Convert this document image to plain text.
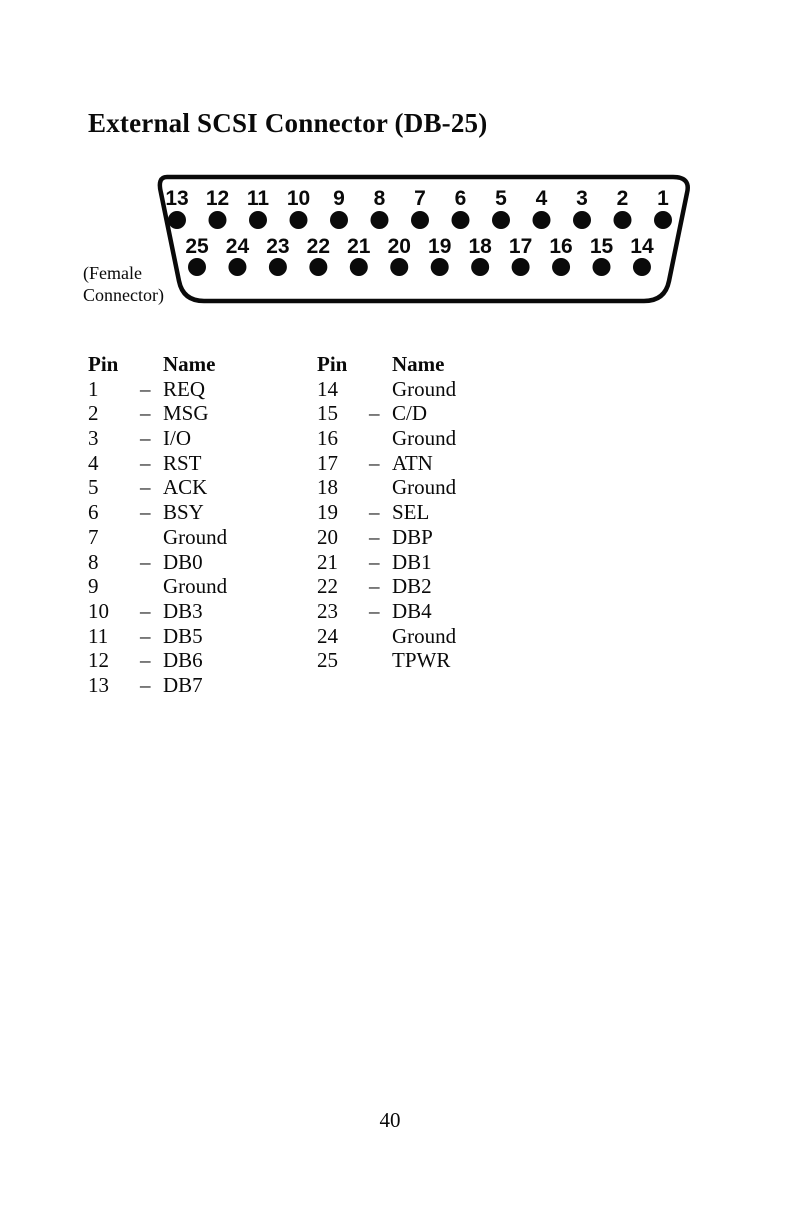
External SCSI Connector (DB-25)
13 12 11 10 9 8 7 6 5 4 3 2 1
25 24 23 22 21 20 19 18 17 16 15 14
(Female
Connector)
Pin	Name
1	– REQ
2	– MSG
3	– I/O
4	– RST
5	– ACK
6	– BSY
7	Ground
8	– DB0
9	Ground
10	– DB3
11	– DB5
12	– DB6
13	– DB7
Pin	Name
14	Ground
15	– C/D
16	Ground
17	– ATN
18	Ground
19	– SEL
20	– DBP
21	– DB1
22	– DB2
23	– DB4
24	Ground
25	TPWR
40
